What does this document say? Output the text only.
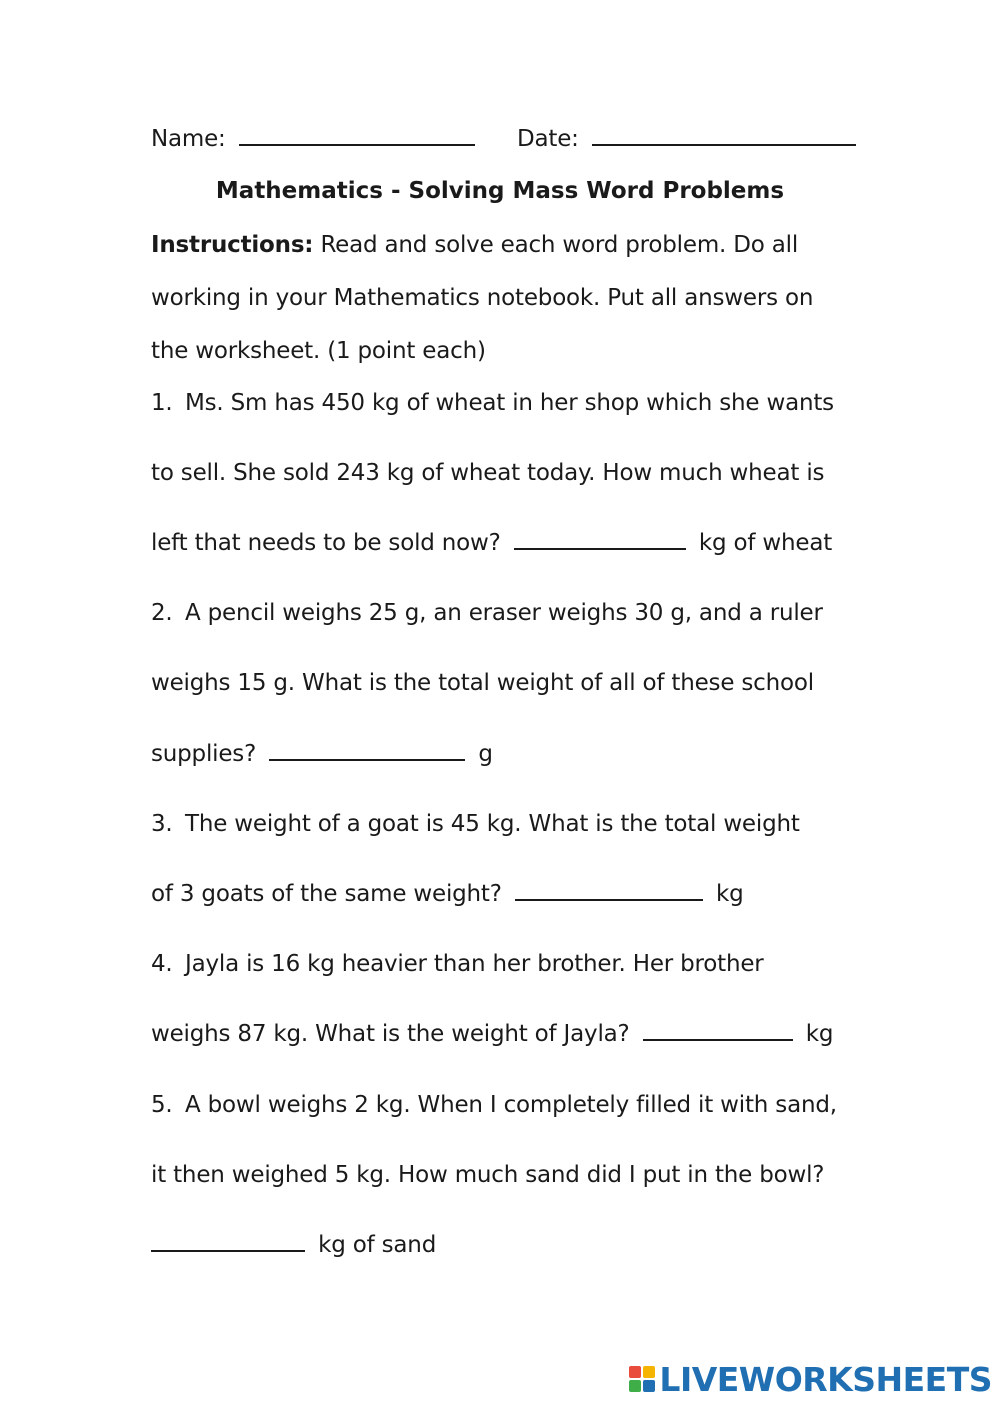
Name:	Date:
Mathematics - Solving Mass Word Problems
Instructions: Read and solve each word problem. Do all
working in your Mathematics notebook. Put all answers on
the worksheet. (1 point each)
1. Ms. Sm has 450 kg of wheat in her shop which she wants
to sell. She sold 243 kg of wheat today. How much wheat is
left that needs to be sold now?	kg of wheat
2. A pencil weighs 25 g, an eraser weighs 30 g, and a ruler
weighs 15 g. What is the total weight of all of these school
supplies?	g
3. The weight of a goat is 45 kg. What is the total weight
of 3 goats of the same weight?	kg
4. Jayla is 16 kg heavier than her brother. Her brother
weighs 87 kg. What is the weight of Jayla?	kg
5. A bowl weighs 2 kg. When I completely filled it with sand,
it then weighed 5 kg. How much sand did I put in the bowl?
kg of sand
LIVEWORKSHEETS
